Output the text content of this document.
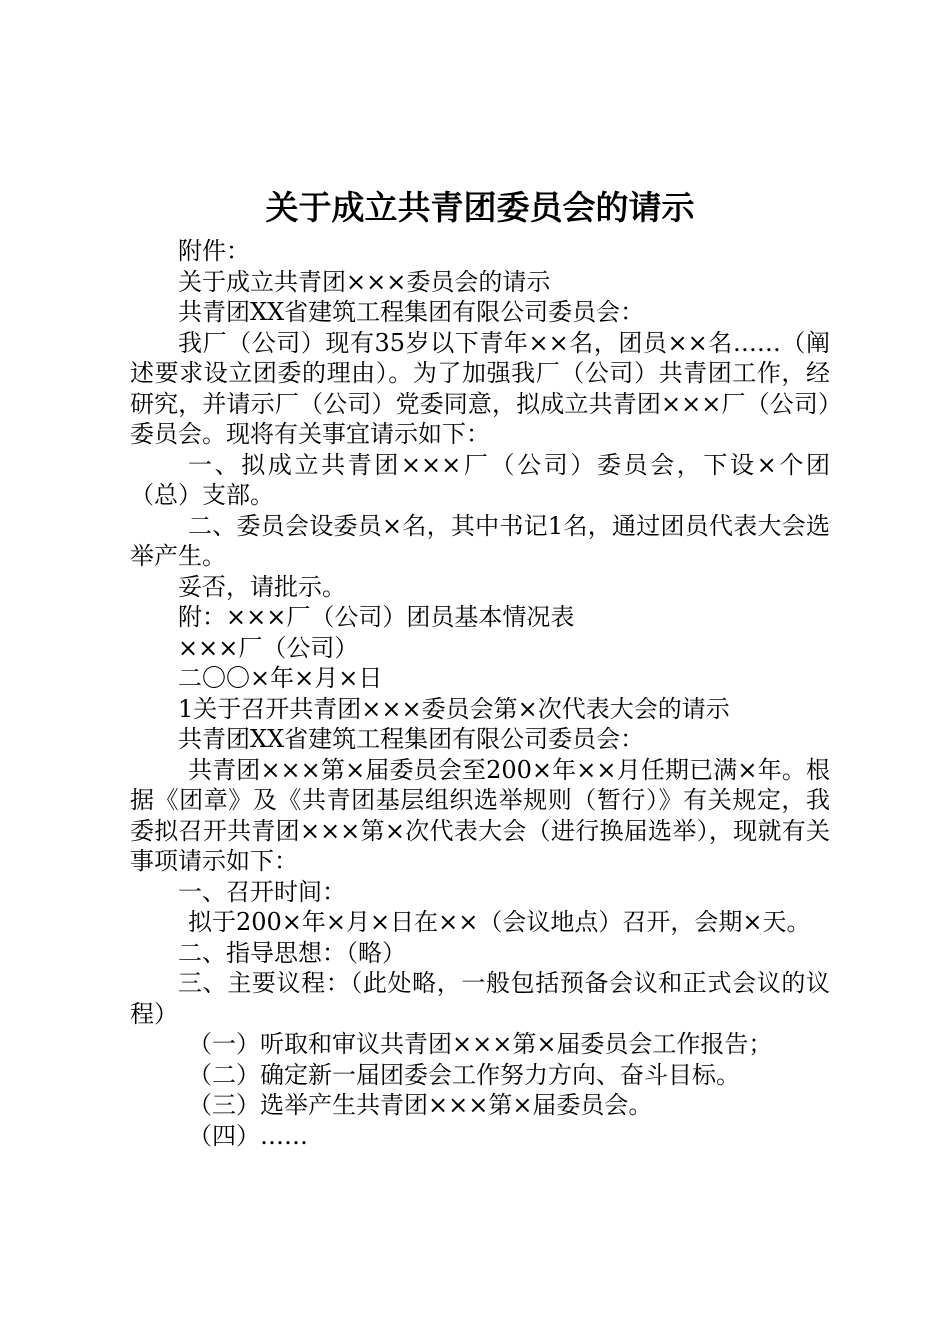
关于成立共青团委员会的请示

附件：

关于成立共青团×××委员会的请示

共青团XX省建筑工程集团有限公司委员会：

我厂（公司）现有35岁以下青年××名，团员××名……（阐述要求设立团委的理由）。为了加强我厂（公司）共青团工作，经研究，并请示厂（公司）党委同意，拟成立共青团×××厂（公司）委员会。现将有关事宜请示如下：

一、拟成立共青团×××厂（公司）委员会，下设×个团（总）支部。

二、委员会设委员×名，其中书记1名，通过团员代表大会选举产生。

妥否，请批示。

附：×××厂（公司）团员基本情况表

×××厂（公司）

二〇〇×年×月×日

1关于召开共青团×××委员会第×次代表大会的请示

共青团XX省建筑工程集团有限公司委员会：

共青团×××第×届委员会至200×年××月任期已满×年。根据《团章》及《共青团基层组织选举规则（暂行）》有关规定，我委拟召开共青团×××第×次代表大会（进行换届选举），现就有关事项请示如下：

一、召开时间：

拟于200×年×月×日在××（会议地点）召开，会期×天。

二、指导思想：（略）

三、主要议程：（此处略，一般包括预备会议和正式会议的议程）

（一）听取和审议共青团×××第×届委员会工作报告；

（二）确定新一届团委会工作努力方向、奋斗目标。

（三）选举产生共青团×××第×届委员会。

（四）……
